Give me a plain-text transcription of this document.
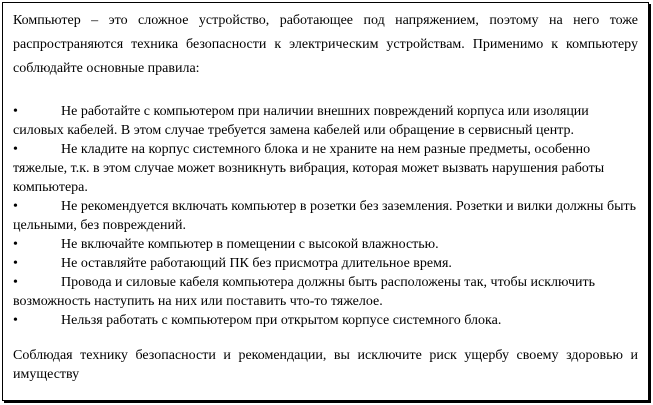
Компьютер – это сложное устройство, работающее под напряжением, поэтому на него тоже распространяются техника безопасности к электрическим устройствам. Применимо к компьютеру соблюдайте основные правила:

•	Не работайте с компьютером при наличии внешних повреждений корпуса или изоляции силовых кабелей. В этом случае требуется замена кабелей или обращение в сервисный центр.
•	Не кладите на корпус системного блока и не храните на нем разные предметы, особенно тяжелые, т.к. в этом случае может возникнуть вибрация, которая может вызвать нарушения работы компьютера.
•	Не рекомендуется включать компьютер в розетки без заземления. Розетки и вилки должны быть цельными, без повреждений.
•	Не включайте компьютер в помещении с высокой влажностью.
•	Не оставляйте работающий ПК без присмотра длительное время.
•	Провода и силовые кабеля компьютера должны быть расположены так, чтобы исключить возможность наступить на них или поставить что-то тяжелое.
•	Нельзя работать с компьютером при открытом корпусе системного блока.

Соблюдая технику безопасности и рекомендации, вы исключите риск ущербу своему здоровью и имуществу
